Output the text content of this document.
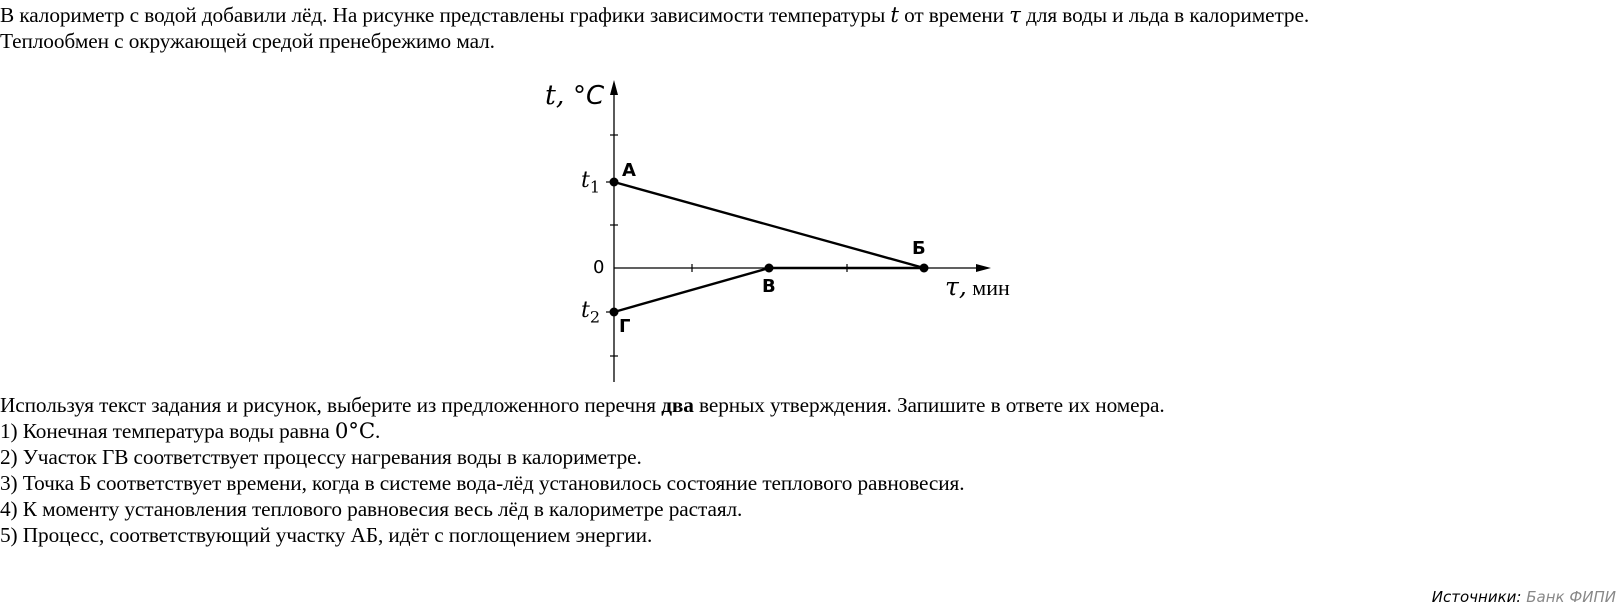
В калориметр с водой добавили лёд. На рисунке представлены графики зависимости температуры t от времени τ для воды и льда в калориметре.
Теплообмен с окружающей средой пренебрежимо мал.
t, °C
$t_1$
0
$t_2$
А
Б
В
Г
τ, мин
Используя текст задания и рисунок, выберите из предложенного перечня два верных утверждения. Запишите в ответе их номера.
1) Конечная температура воды равна 0°C.
2) Участок ГВ соответствует процессу нагревания воды в калориметре.
3) Точка Б соответствует времени, когда в системе вода-лёд установилось состояние теплового равновесия.
4) К моменту установления теплового равновесия весь лёд в калориметре растаял.
5) Процесс, соответствующий участку АБ, идёт с поглощением энергии.
Источники: Банк ФИПИ
